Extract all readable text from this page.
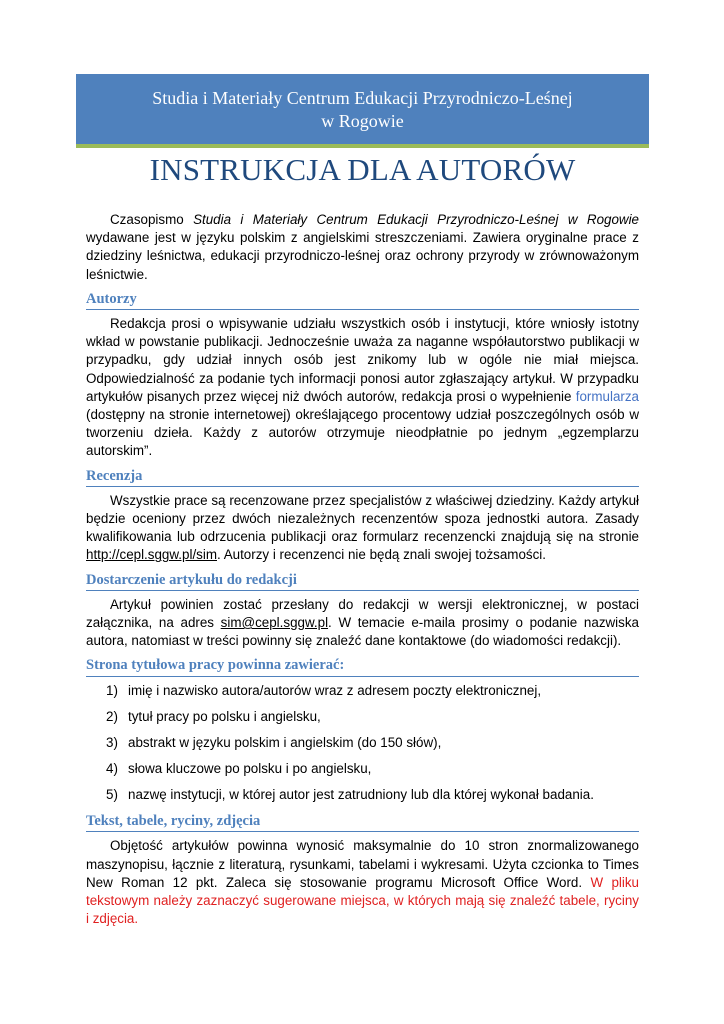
Studia i Materiały Centrum Edukacji Przyrodniczo-Leśnej
w Rogowie
INSTRUKCJA DLA AUTORÓW

Czasopismo Studia i Materiały Centrum Edukacji Przyrodniczo-Leśnej w Rogowie wydawane jest w języku polskim z angielskimi streszczeniami. Zawiera oryginalne prace z dziedziny leśnictwa, edukacji przyrodniczo-leśnej oraz ochrony przyrody w zrównoważonym leśnictwie.

Autorzy

Redakcja prosi o wpisywanie udziału wszystkich osób i instytucji, które wniosły istotny wkład w powstanie publikacji. Jednocześnie uważa za naganne współautorstwo publikacji w przypadku, gdy udział innych osób jest znikomy lub w ogóle nie miał miejsca. Odpowiedzialność za podanie tych informacji ponosi autor zgłaszający artykuł. W przypadku artykułów pisanych przez więcej niż dwóch autorów, redakcja prosi o wypełnienie formularza (dostępny na stronie internetowej) określającego procentowy udział poszczególnych osób w tworzeniu dzieła. Każdy z autorów otrzymuje nieodpłatnie po jednym „egzemplarzu autorskim”.

Recenzja

Wszystkie prace są recenzowane przez specjalistów z właściwej dziedziny. Każdy artykuł będzie oceniony przez dwóch niezależnych recenzentów spoza jednostki autora. Zasady kwalifikowania lub odrzucenia publikacji oraz formularz recenzencki znajdują się na stronie http://cepl.sggw.pl/sim. Autorzy i recenzenci nie będą znali swojej tożsamości.

Dostarczenie artykułu do redakcji

Artykuł powinien zostać przesłany do redakcji w wersji elektronicznej, w postaci załącznika, na adres sim@cepl.sggw.pl. W temacie e-maila prosimy o podanie nazwiska autora, natomiast w treści powinny się znaleźć dane kontaktowe (do wiadomości redakcji).

Strona tytułowa pracy powinna zawierać:
1) imię i nazwisko autora/autorów wraz z adresem poczty elektronicznej,
2) tytuł pracy po polsku i angielsku,
3) abstrakt w języku polskim i angielskim (do 150 słów),
4) słowa kluczowe po polsku i po angielsku,
5) nazwę instytucji, w której autor jest zatrudniony lub dla której wykonał badania.
Tekst, tabele, ryciny, zdjęcia

Objętość artykułów powinna wynosić maksymalnie do 10 stron znormalizowanego maszynopisu, łącznie z literaturą, rysunkami, tabelami i wykresami. Użyta czcionka to Times New Roman 12 pkt. Zaleca się stosowanie programu Microsoft Office Word. W pliku tekstowym należy zaznaczyć sugerowane miejsca, w których mają się znaleźć tabele, ryciny i zdjęcia.
